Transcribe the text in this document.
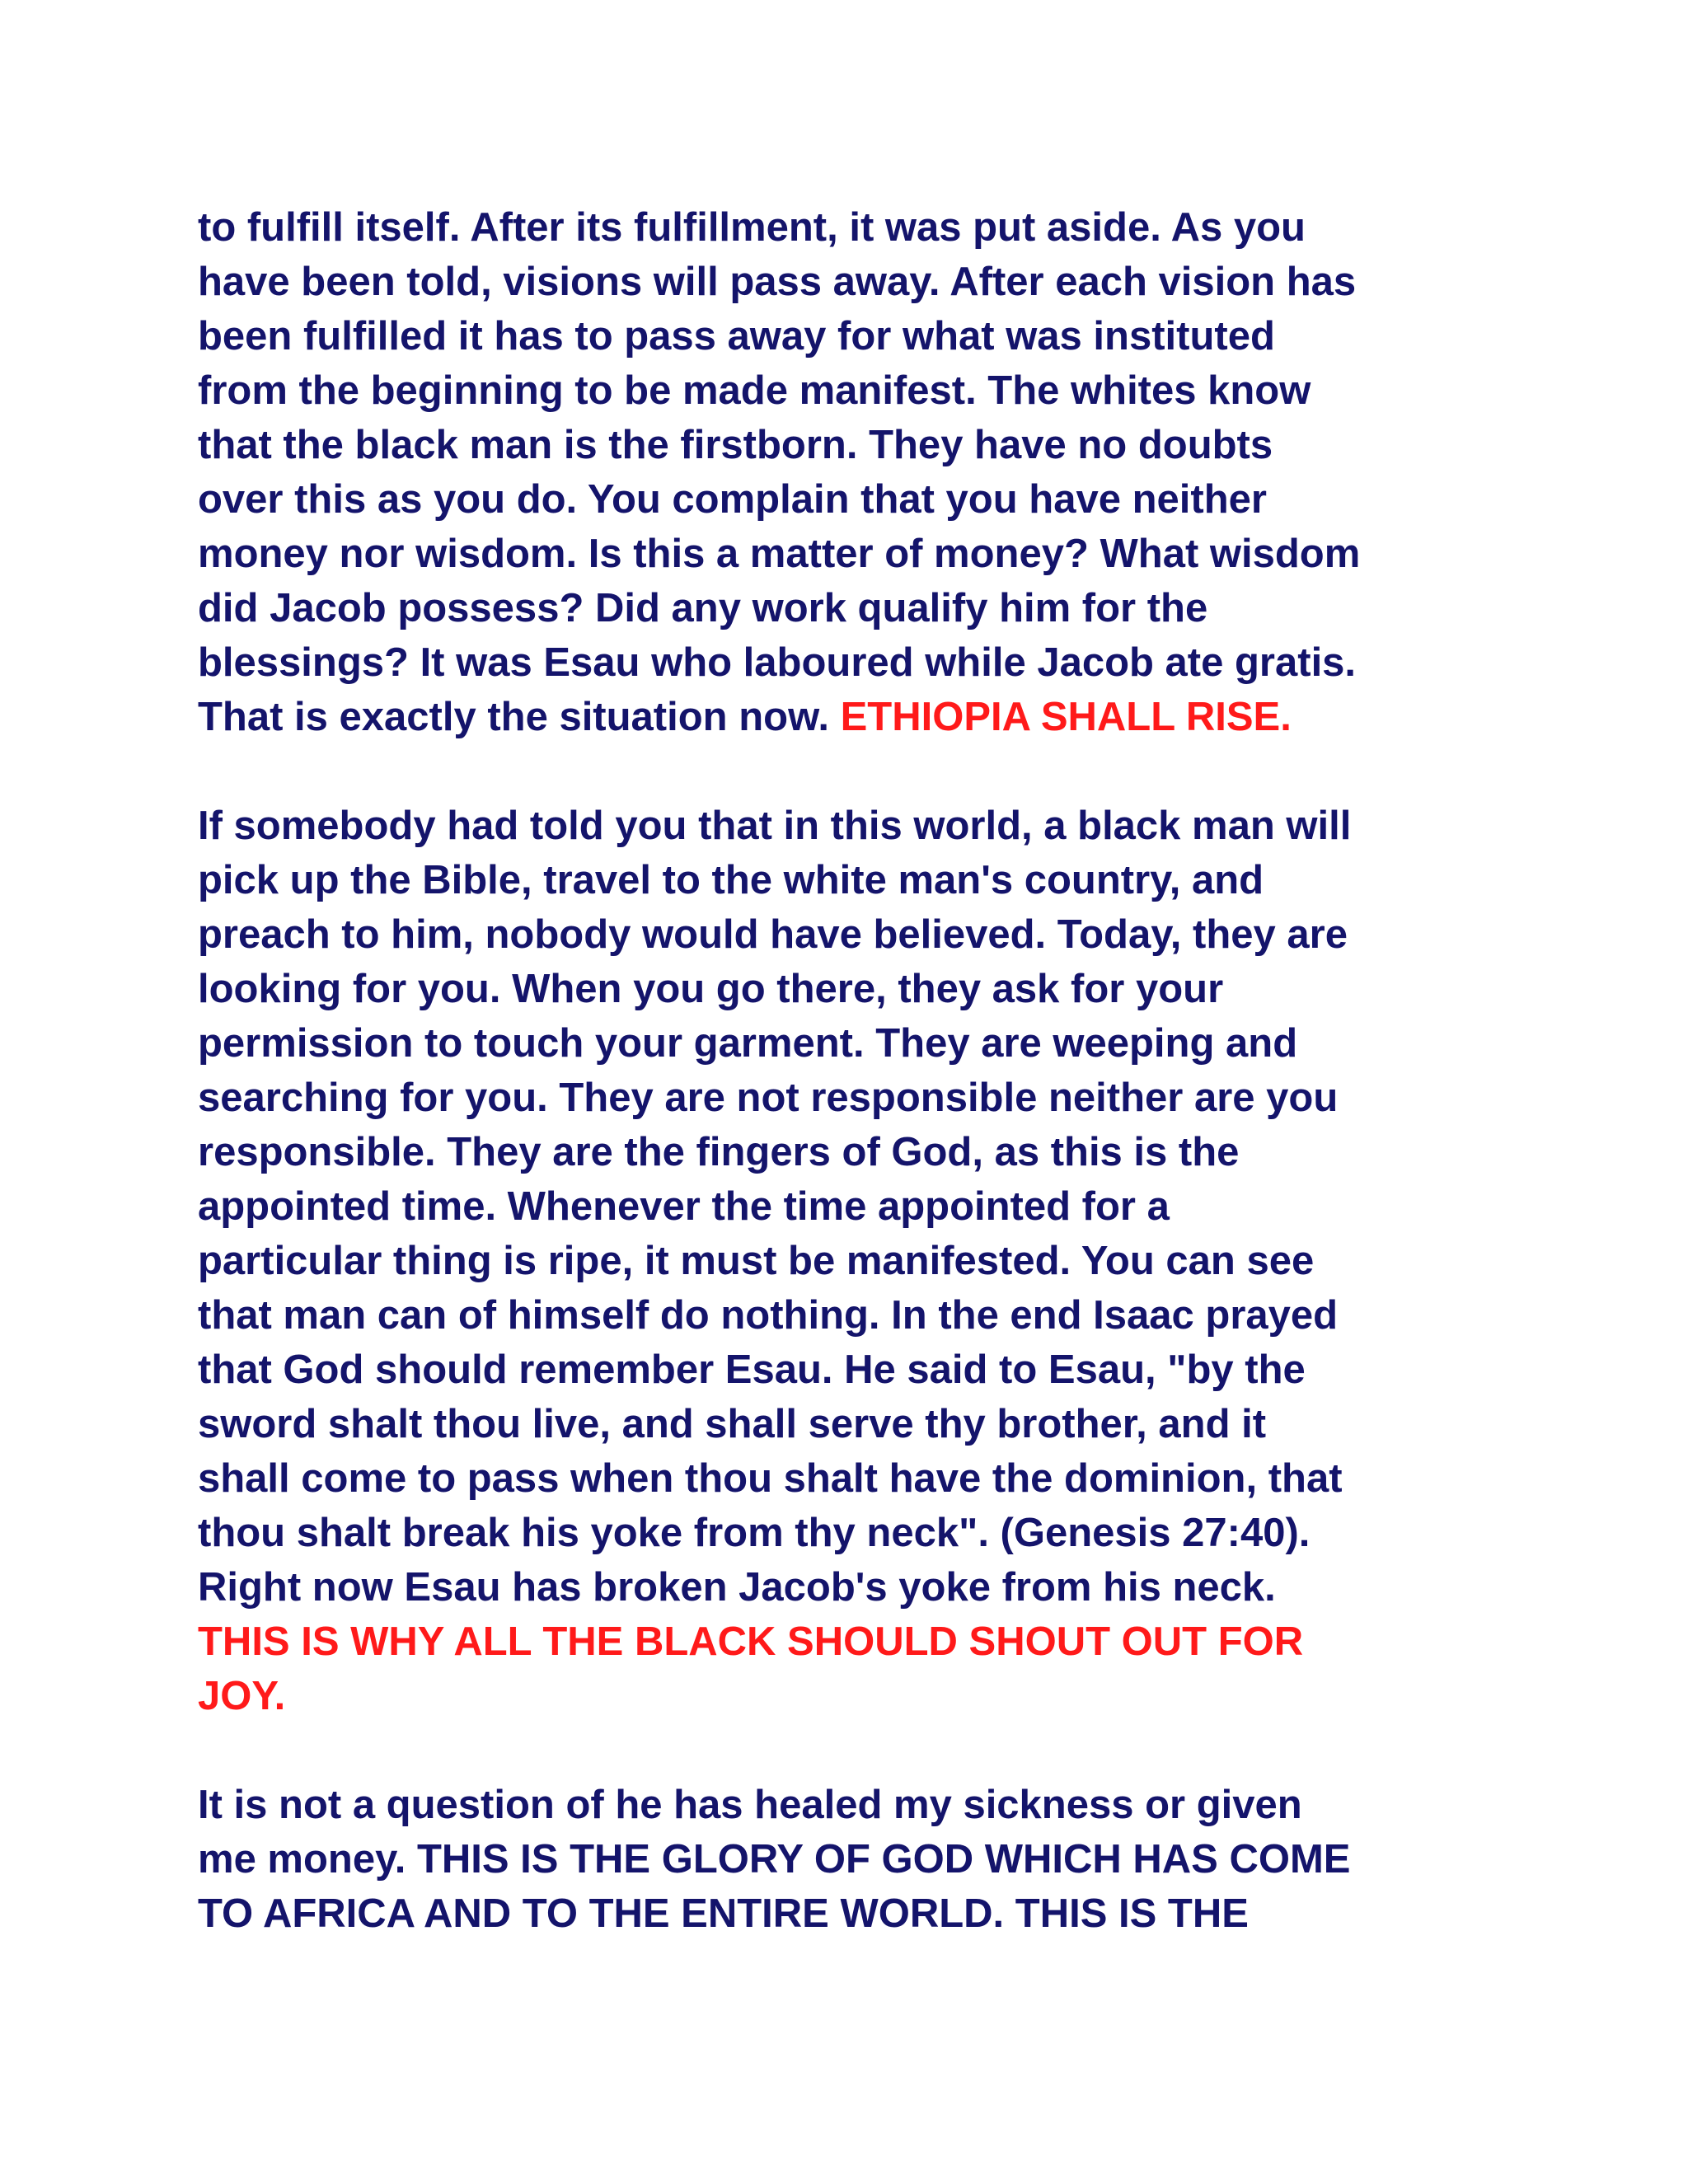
to fulfill itself. After its fulfillment, it was put aside. As you
have been told, visions will pass away. After each vision has
been fulfilled it has to pass away for what was instituted
from the beginning to be made manifest. The whites know
that the black man is the firstborn. They have no doubts
over this as you do. You complain that you have neither
money nor wisdom. Is this a matter of money? What wisdom
did Jacob possess? Did any work qualify him for the
blessings? It was Esau who laboured while Jacob ate gratis.
That is exactly the situation now. ETHIOPIA SHALL RISE.
If somebody had told you that in this world, a black man will
pick up the Bible, travel to the white man's country, and
preach to him, nobody would have believed. Today, they are
looking for you. When you go there, they ask for your
permission to touch your garment. They are weeping and
searching for you. They are not responsible neither are you
responsible. They are the fingers of God, as this is the
appointed time. Whenever the time appointed for a
particular thing is ripe, it must be manifested. You can see
that man can of himself do nothing. In the end Isaac prayed
that God should remember Esau. He said to Esau, "by the
sword shalt thou live, and shall serve thy brother, and it
shall come to pass when thou shalt have the dominion, that
thou shalt break his yoke from thy neck". (Genesis 27:40).
Right now Esau has broken Jacob's yoke from his neck.
THIS IS WHY ALL THE BLACK SHOULD SHOUT OUT FOR
JOY.
It is not a question of he has healed my sickness or given
me money. THIS IS THE GLORY OF GOD WHICH HAS COME
TO AFRICA AND TO THE ENTIRE WORLD. THIS IS THE
